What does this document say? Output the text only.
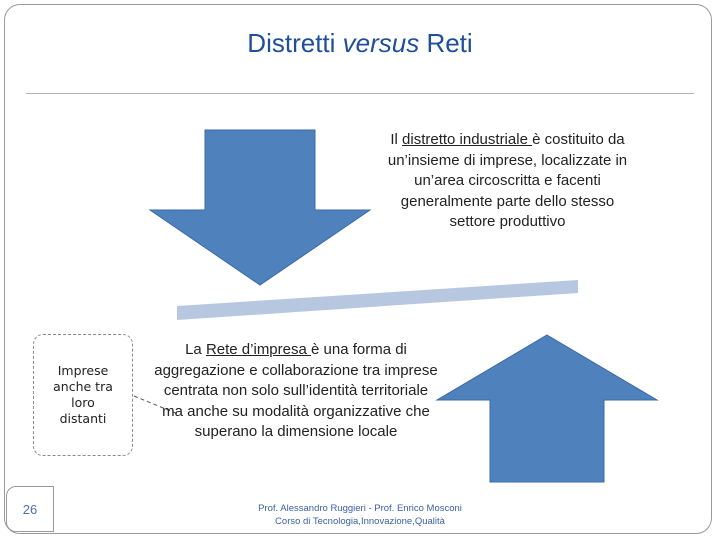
Distretti versus Reti
Il distretto industriale è costituito da un’insieme di imprese, localizzate in un’area circoscritta e facenti generalmente parte dello stesso settore produttivo
La Rete d’impresa è una forma di aggregazione e collaborazione tra imprese centrata non solo sull’identità territoriale ma anche su modalità organizzative che superano la dimensione locale
Imprese
anche tra
loro
distanti
26	Prof. Alessandro Ruggieri - Prof. Enrico Mosconi
Corso di Tecnologia,Innovazione,Qualità
